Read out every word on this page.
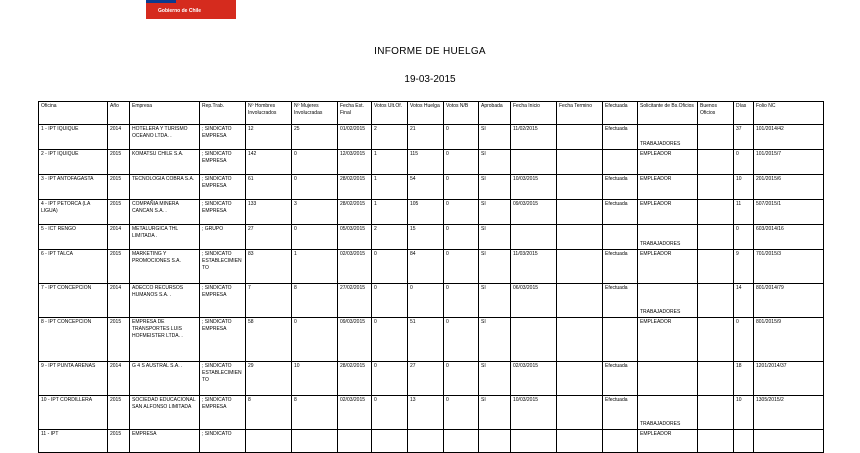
Gobierno de Chile
INFORME DE HUELGA
19-03-2015
Oficina	Año	Empresa	Rep.Trab.	Nº Hombres Involucrados	Nº Mujeres Involucradas	Fecha Est. Final	Votos Ult.Of.	Votos Huelga	Votos N/B	Aprobada	Fecha Inicio	Fecha Termino	Efectuada	Solicitante de Bs.Oficios	Buenos Oficios	Días	Folio NC
1 - IPT IQUIQUE	2014	HOTELERA Y TURISMO OCEANO LTDA. .	; SINDICATO EMPRESA	12	25	01/02/2015	2	21	0	SI	11/02/2015		Efectuada	TRABAJADORES		37	101/2014/42
2 - IPT IQUIQUE	2015	KOMATSU CHILE S.A.	; SINDICATO EMPRESA	142	0	12/03/2015	1	115	0	SI				EMPLEADOR		0	101/2015/7
3 - IPT ANTOFAGASTA	2015	TECNOLOGIA COBRA S.A.	; SINDICATO EMPRESA	61	0	28/02/2015	1	54	0	SI	10/03/2015		Efectuada	EMPLEADOR		10	201/2015/6
4 - IPT PETORCA (LA LIGUA)	2015	COMPAÑIA MINERA CANCAN S.A. .	; SINDICATO EMPRESA	133	3	28/02/2015	1	105	0	SI	09/03/2015		Efectuada	EMPLEADOR		11	507/2015/1
5 - ICT RENGO	2014	METALURGICA THL LIMITADA .	; GRUPO	27	0	05/03/2015	2	15	0	SI				TRABAJADORES		0	603/2014/16
6 - IPT TALCA	2015	MARKETING Y PROMOCIONES S.A.	; SINDICATO ESTABLECIMIENTO	83	1	02/03/2015	0	84	0	SI	11/03/2015		Efectuada	EMPLEADOR		9	701/2015/3
7 - IPT CONCEPCION	2014	ADECCO RECURSOS HUMANOS S.A. .	; SINDICATO EMPRESA	7	8	27/02/2015	0	0	0	SI	06/03/2015		Efectuada	TRABAJADORES		14	801/2014/79
8 - IPT CONCEPCION	2015	EMPRESA DE TRANSPORTES LUIS HOFMEISTER LTDA. .	; SINDICATO EMPRESA	58	0	09/03/2015	0	51	0	SI				EMPLEADOR		0	801/2015/9
9 - IPT PUNTA ARENAS	2014	G 4 S AUSTRAL S.A. .	; SINDICATO ESTABLECIMIENTO	29	10	28/02/2015	0	27	0	SI	02/03/2015		Efectuada			18	1201/2014/37
10 - IPT CORDILLERA	2015	SOCIEDAD EDUCACIONAL SAN ALFONSO LIMITADA	; SINDICATO EMPRESA	8	8	02/03/2015	0	13	0	SI	10/03/2015		Efectuada	TRABAJADORES		10	1305/2015/2
11 - IPT	2015	EMPRESA	; SINDICATO											EMPLEADOR			
